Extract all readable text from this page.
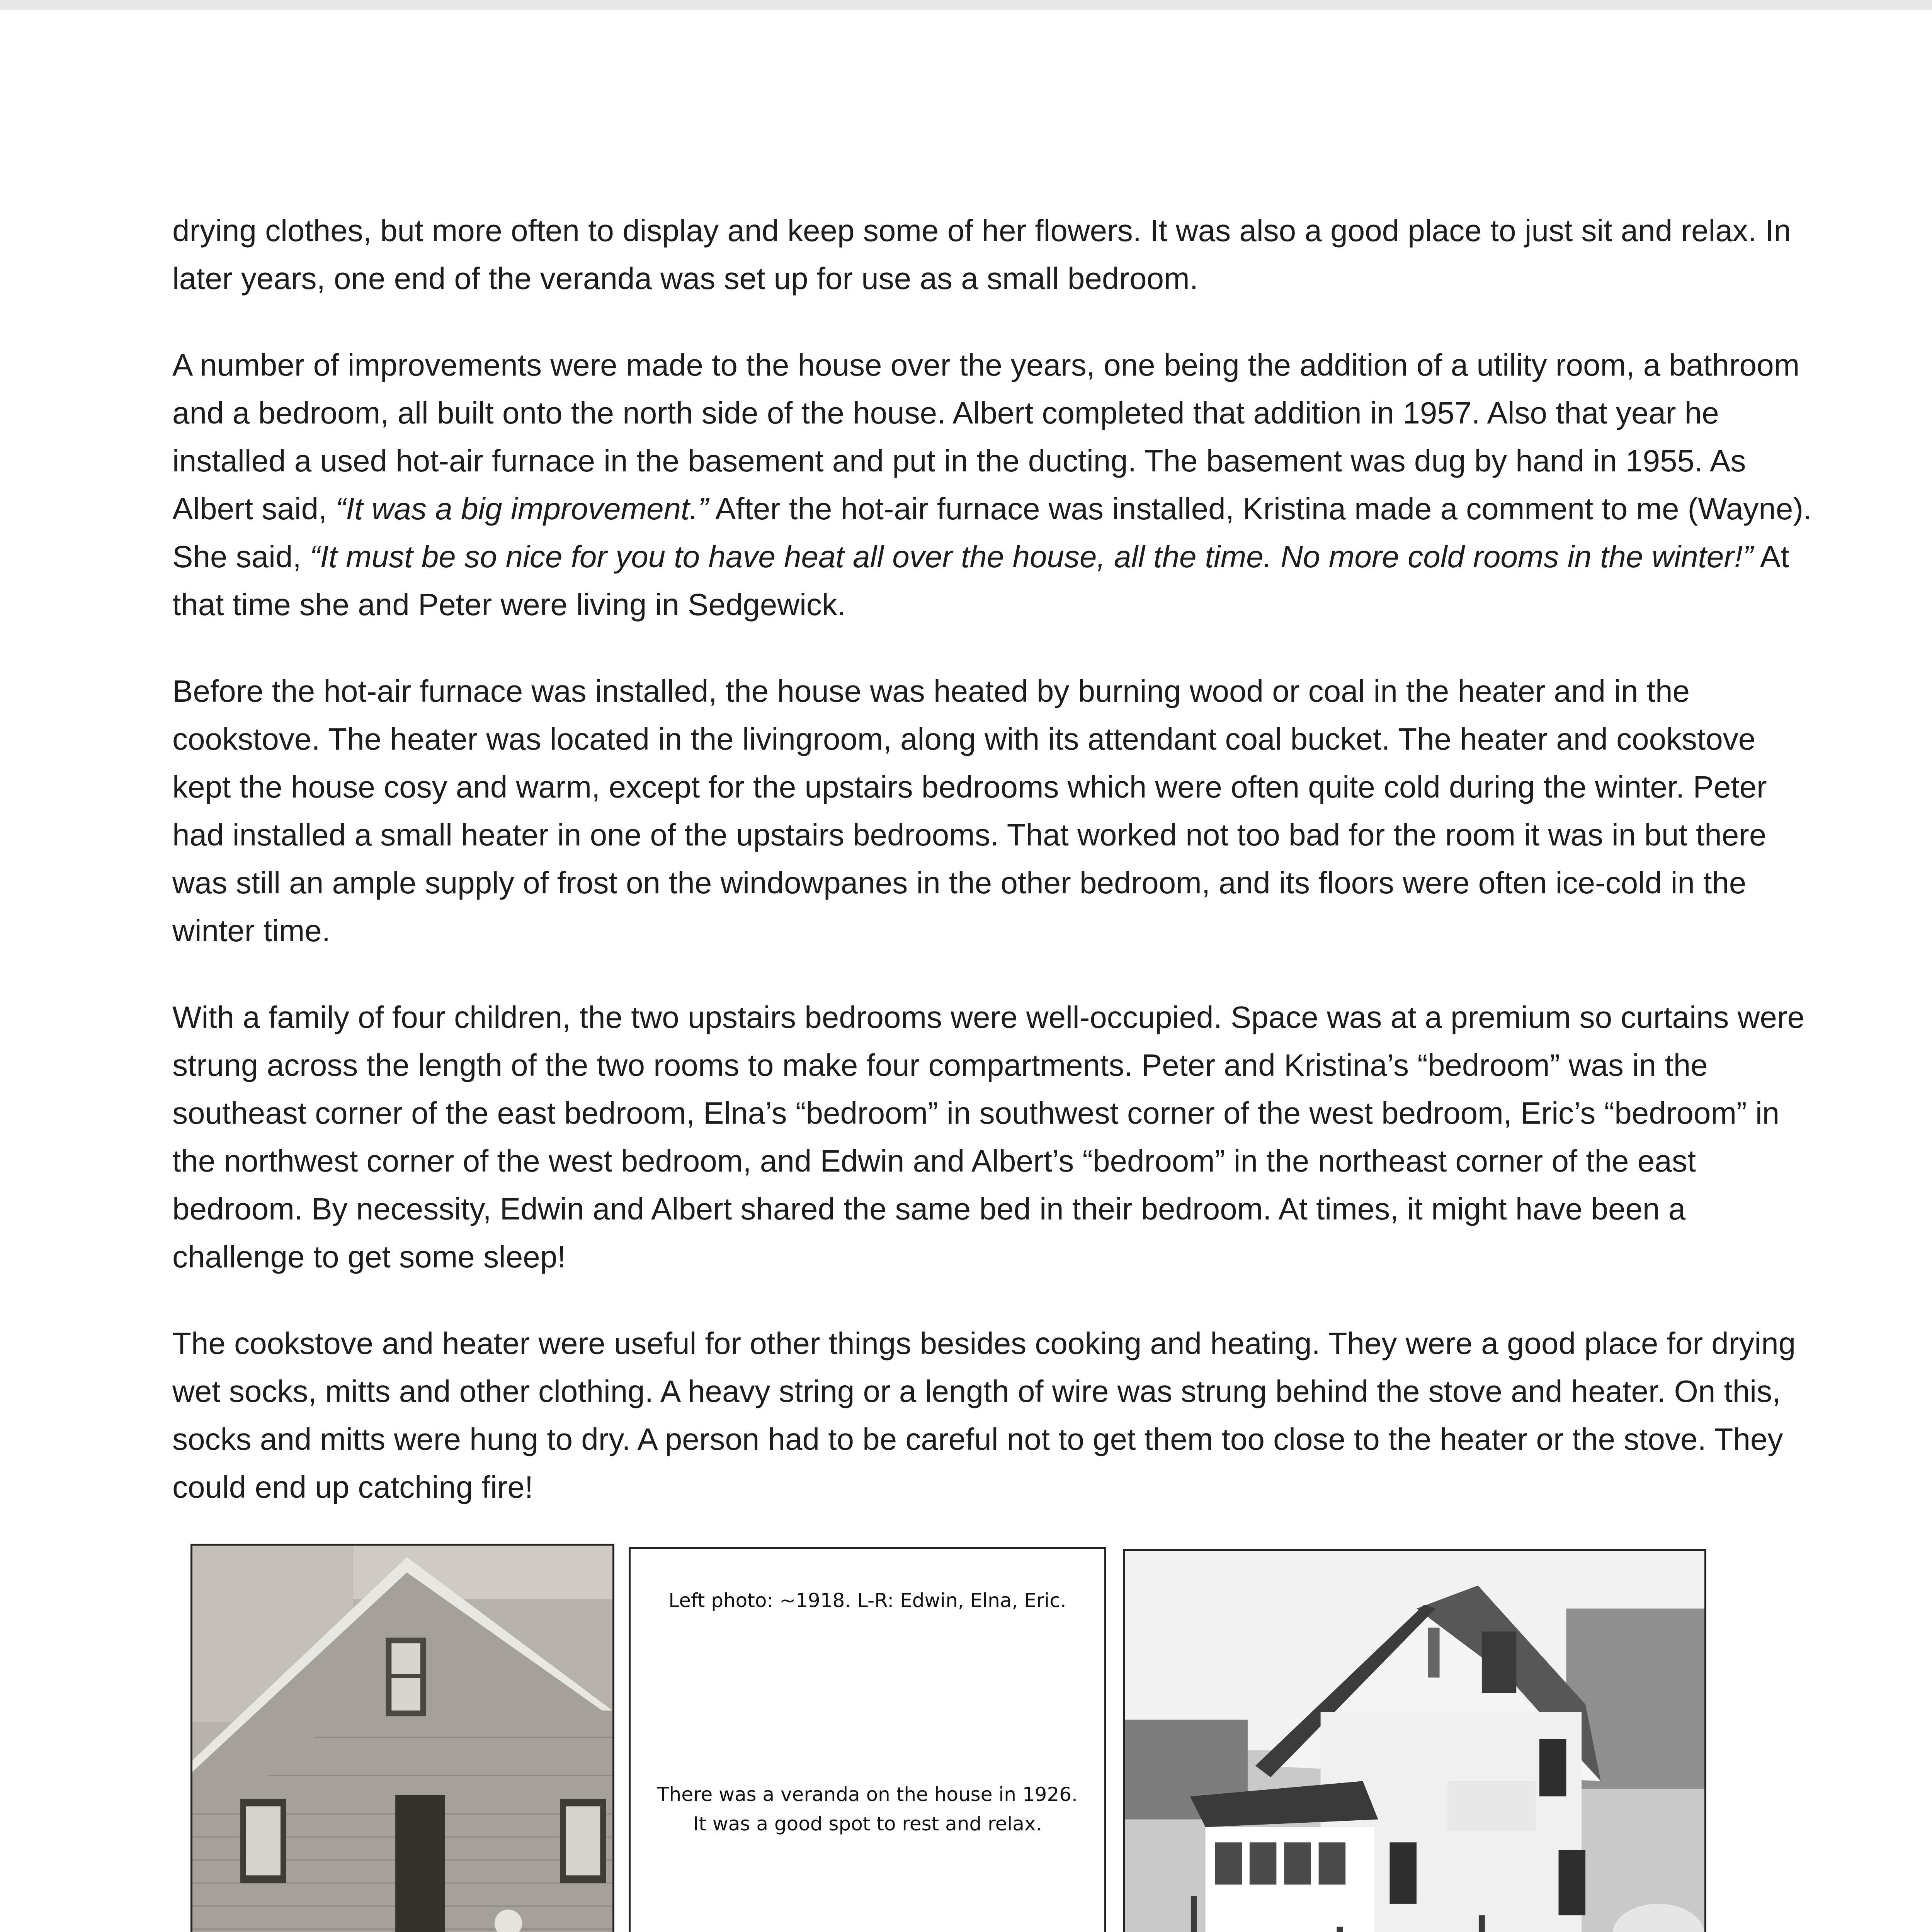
drying clothes, but more often to display and keep some of her flowers. It was also a good place to just sit and relax. In later years, one end of the veranda was set up for use as a small bedroom.

A number of improvements were made to the house over the years, one being the addition of a utility room, a bathroom and a bedroom, all built onto the north side of the house. Albert completed that addition in 1957. Also that year he installed a used hot-air furnace in the basement and put in the ducting. The basement was dug by hand in 1955. As Albert said, “It was a big improvement.” After the hot-air furnace was installed, Kristina made a comment to me (Wayne). She said, “It must be so nice for you to have heat all over the house, all the time. No more cold rooms in the winter!” At that time she and Peter were living in Sedgewick.

Before the hot-air furnace was installed, the house was heated by burning wood or coal in the heater and in the cookstove. The heater was located in the livingroom, along with its attendant coal bucket. The heater and cookstove kept the house cosy and warm, except for the upstairs bedrooms which were often quite cold during the winter. Peter had installed a small heater in one of the upstairs bedrooms. That worked not too bad for the room it was in but there was still an ample supply of frost on the windowpanes in the other bedroom, and its floors were often ice-cold in the winter time.

With a family of four children, the two upstairs bedrooms were well-occupied. Space was at a premium so curtains were strung across the length of the two rooms to make four compartments. Peter and Kristina’s “bedroom” was in the southeast corner of the east bedroom, Elna’s “bedroom” in southwest corner of the west bedroom, Eric’s “bedroom” in the northwest corner of the west bedroom, and Edwin and Albert’s “bedroom” in the northeast corner of the east bedroom. By necessity, Edwin and Albert shared the same bed in their bedroom. At times, it might have been a challenge to get some sleep!

The cookstove and heater were useful for other things besides cooking and heating. They were a good place for drying wet socks, mitts and other clothing. A heavy string or a length of wire was strung behind the stove and heater. On this, socks and mitts were hung to dry. A person had to be careful not to get them too close to the heater or the stove. They could end up catching fire!

Left photo: ~1918. L-R: Edwin, Elna, Eric.
There was a veranda on the house in 1926.
It was a good spot to rest and relax.
